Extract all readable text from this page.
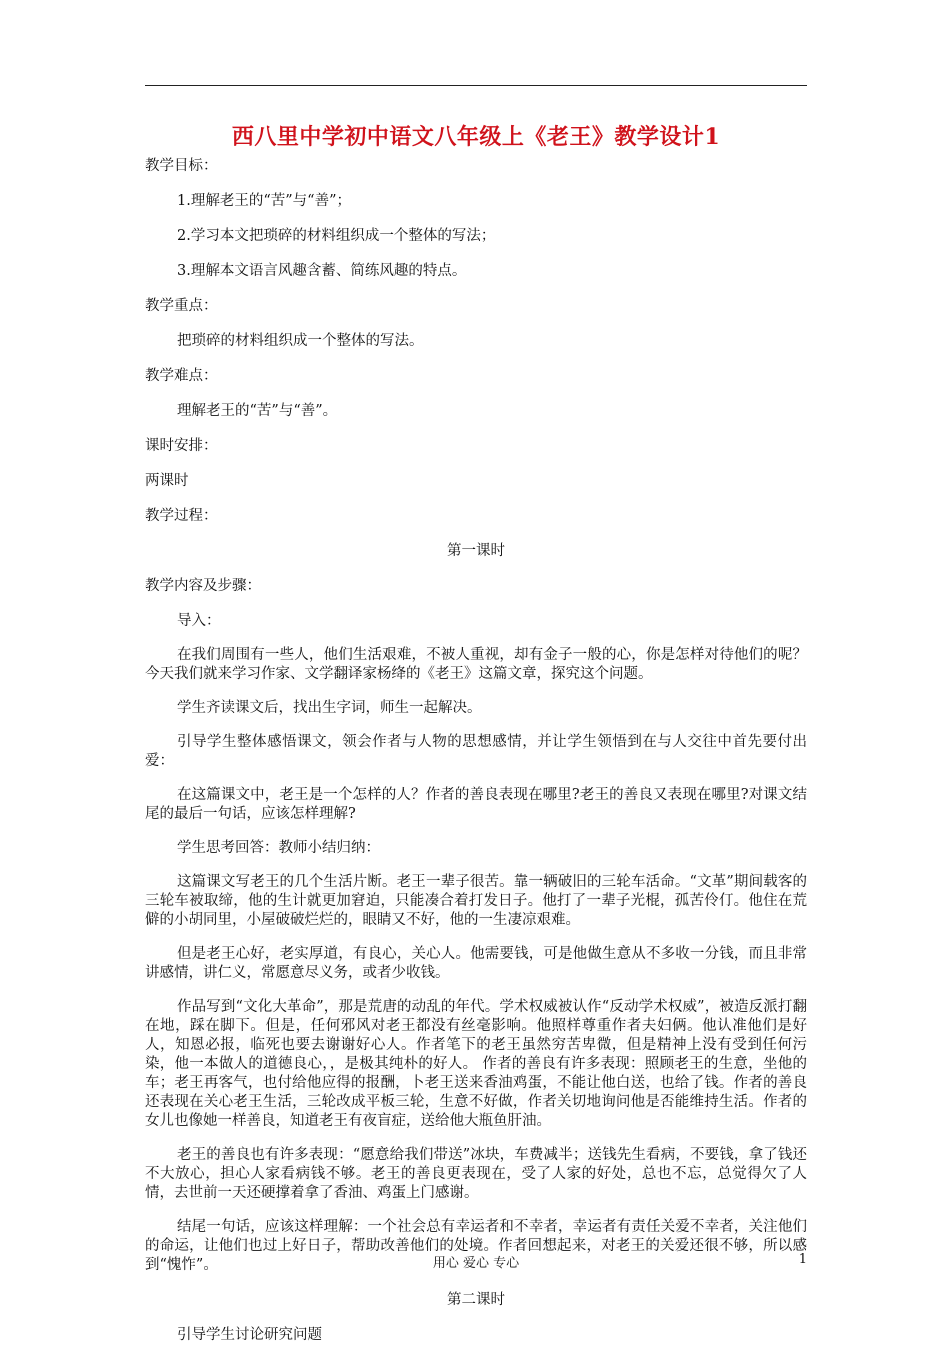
西八里中学初中语文八年级上《老王》教学设计1

教学目标：

1.理解老王的“苦”与“善”；

2.学习本文把琐碎的材料组织成一个整体的写法；

3.理解本文语言风趣含蓄、简练风趣的特点。

教学重点：

把琐碎的材料组织成一个整体的写法。

教学难点：

理解老王的“苦”与“善”。

课时安排：

两课时

教学过程：

第一课时

教学内容及步骤：

导入：

在我们周围有一些人，他们生活艰难，不被人重视，却有金子一般的心，你是怎样对待他们的呢？今天我们就来学习作家、文学翻译家杨绛的《老王》这篇文章，探究这个问题。

学生齐读课文后，找出生字词，师生一起解决。

引导学生整体感悟课文，领会作者与人物的思想感情，并让学生领悟到在与人交往中首先要付出爱：

在这篇课文中，老王是一个怎样的人？作者的善良表现在哪里?老王的善良又表现在哪里?对课文结尾的最后一句话，应该怎样理解?

学生思考回答：教师小结归纳：

这篇课文写老王的几个生活片断。老王一辈子很苦。靠一辆破旧的三轮车活命。“文革”期间载客的三轮车被取缔，他的生计就更加窘迫，只能凑合着打发日子。他打了一辈子光棍，孤苦伶仃。他住在荒僻的小胡同里，小屋破破烂烂的，眼睛又不好，他的一生凄凉艰难。

但是老王心好，老实厚道，有良心，关心人。他需要钱，可是他做生意从不多收一分钱，而且非常讲感情，讲仁义，常愿意尽义务，或者少收钱。

作品写到“文化大革命”，那是荒唐的动乱的年代。学术权威被认作“反动学术权威”，被造反派打翻在地，踩在脚下。但是，任何邪风对老王都没有丝毫影响。他照样尊重作者夫妇俩。他认准他们是好人，知恩必报，临死也要去谢谢好心人。作者笔下的老王虽然穷苦卑微，但是精神上没有受到任何污染，他一本做人的道德良心，，是极其纯朴的好人。 作者的善良有许多表现：照顾老王的生意，坐他的车；老王再客气，也付给他应得的报酬，卜老王送来香油鸡蛋，不能让他白送，也给了钱。作者的善良还表现在关心老王生活，三轮改成平板三轮，生意不好做，作者关切地询问他是否能维持生活。作者的女儿也像她一样善良，知道老王有夜盲症，送给他大瓶鱼肝油。

老王的善良也有许多表现：“愿意给我们带送”冰块，车费减半；送钱先生看病，不要钱，拿了钱还不大放心，担心人家看病钱不够。老王的善良更表现在，受了人家的好处，总也不忘，总觉得欠了人情，去世前一天还硬撑着拿了香油、鸡蛋上门感谢。

结尾一句话，应该这样理解：一个社会总有幸运者和不幸者，幸运者有责任关爱不幸者，关注他们的命运，让他们也过上好日子，帮助改善他们的处境。作者回想起来，对老王的关爱还很不够，所以感到“愧怍”。

第二课时

引导学生讨论研究问题

用心 爱心 专心	1
